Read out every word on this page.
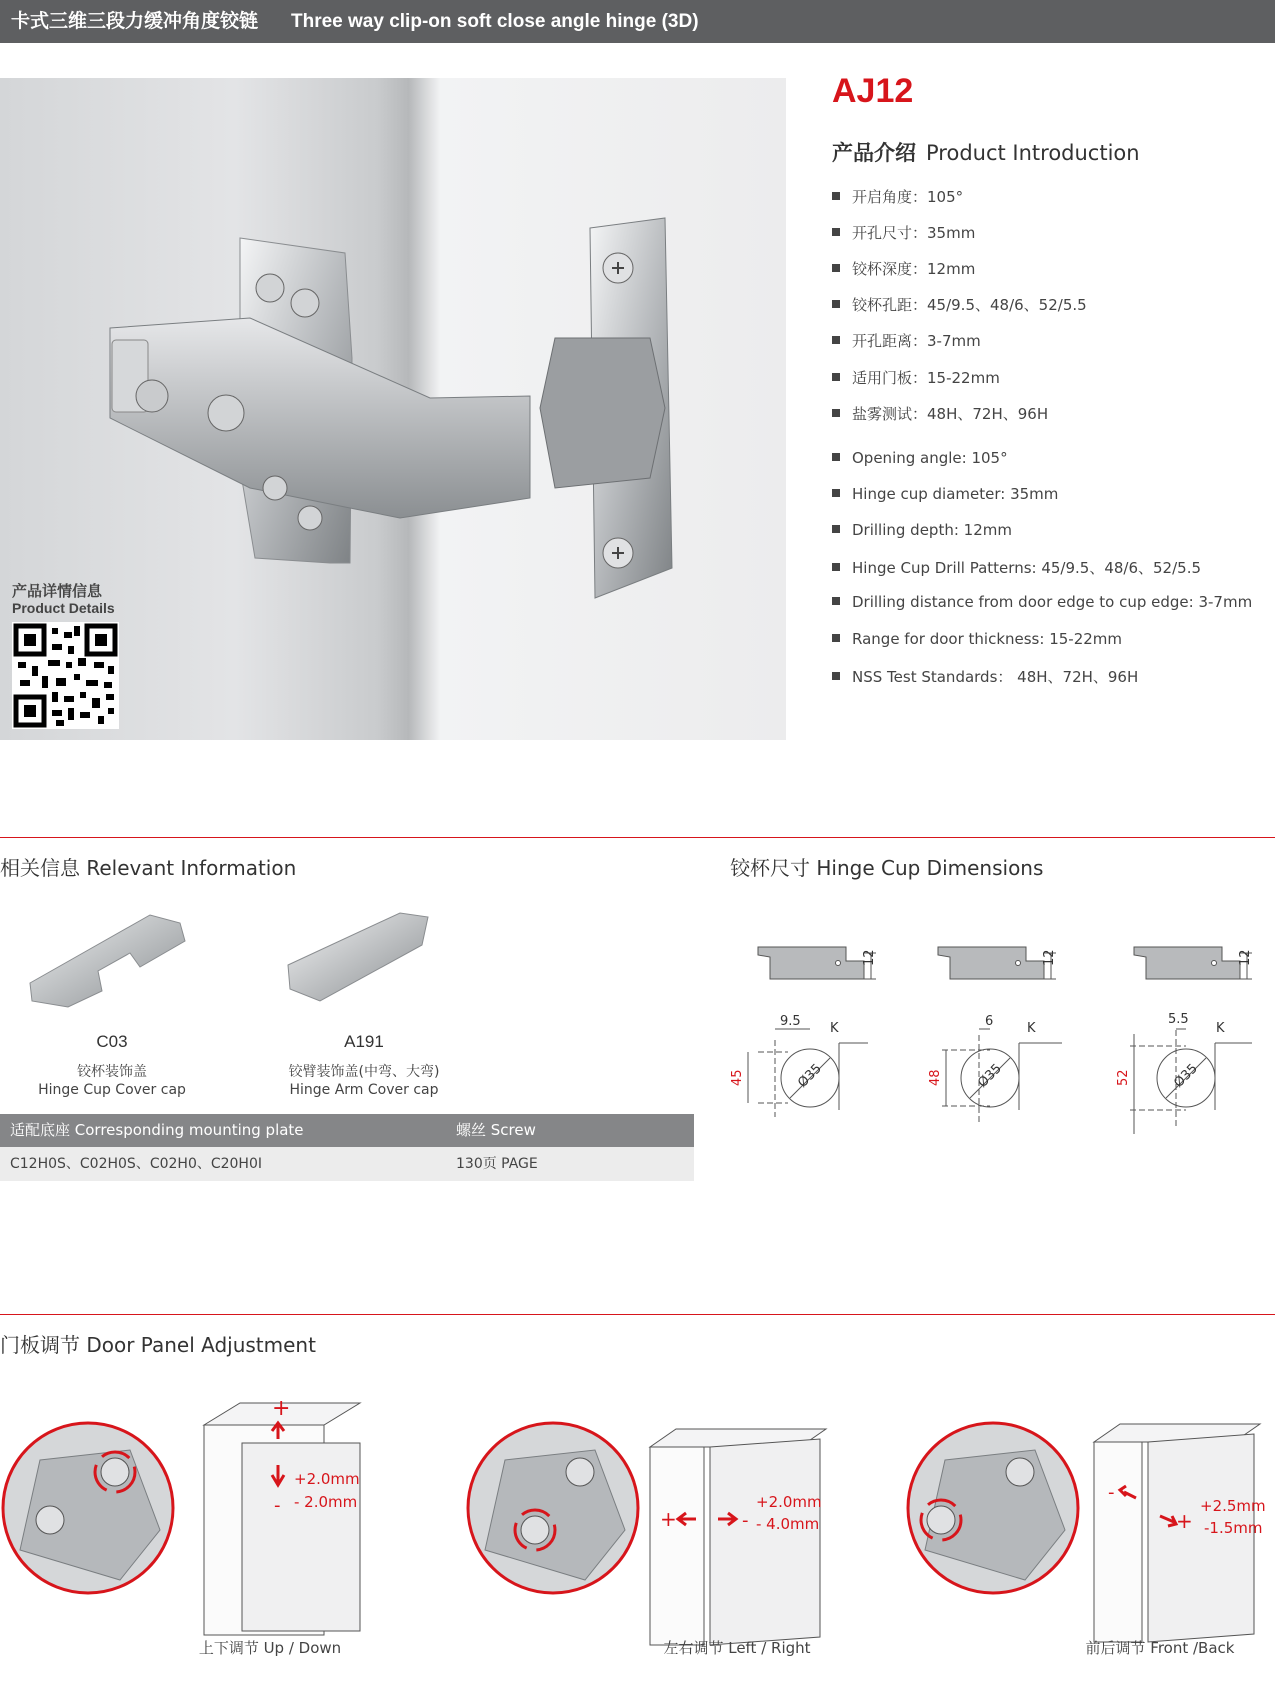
卡式三维三段力缓冲角度铰链 Three way clip-on soft close angle hinge (3D)
产品详情信息
Product Details
AJ12
产品介绍 Product Introduction
开启角度：105°
开孔尺寸：35mm
铰杯深度：12mm
铰杯孔距：45/9.5、48/6、52/5.5
开孔距离：3-7mm
适用门板：15-22mm
盐雾测试：48H、72H、96H
Opening angle: 105°
Hinge cup diameter: 35mm
Drilling depth: 12mm
Hinge Cup Drill Patterns: 45/9.5、48/6、52/5.5
Drilling distance from door edge to cup edge: 3-7mm
Range for door thickness: 15-22mm
NSS Test Standards： 48H、72H、96H
相关信息 Relevant Information
C03
铰杯装饰盖
Hinge Cup Cover cap
A191
铰臂装饰盖(中弯、大弯)
Hinge Arm Cover cap
适配底座 Corresponding mounting plate	螺丝 Screw
C12H0S、C02H0S、C02H0、C20H0I	130页 PAGE
铰杯尺寸 Hinge Cup Dimensions
12
Ø35
45
9.5 K
12
Ø35
48
6	K
12
Ø35
52
5.5
K
门板调节 Door Panel Adjustment
+
-
+2.0mm
- 2.0mm
上下调节 Up / Down
+	-
+2.0mm
- 4.0mm
左右调节 Left / Right
-
+
+2.5mm
-1.5mm
前后调节 Front /Back
